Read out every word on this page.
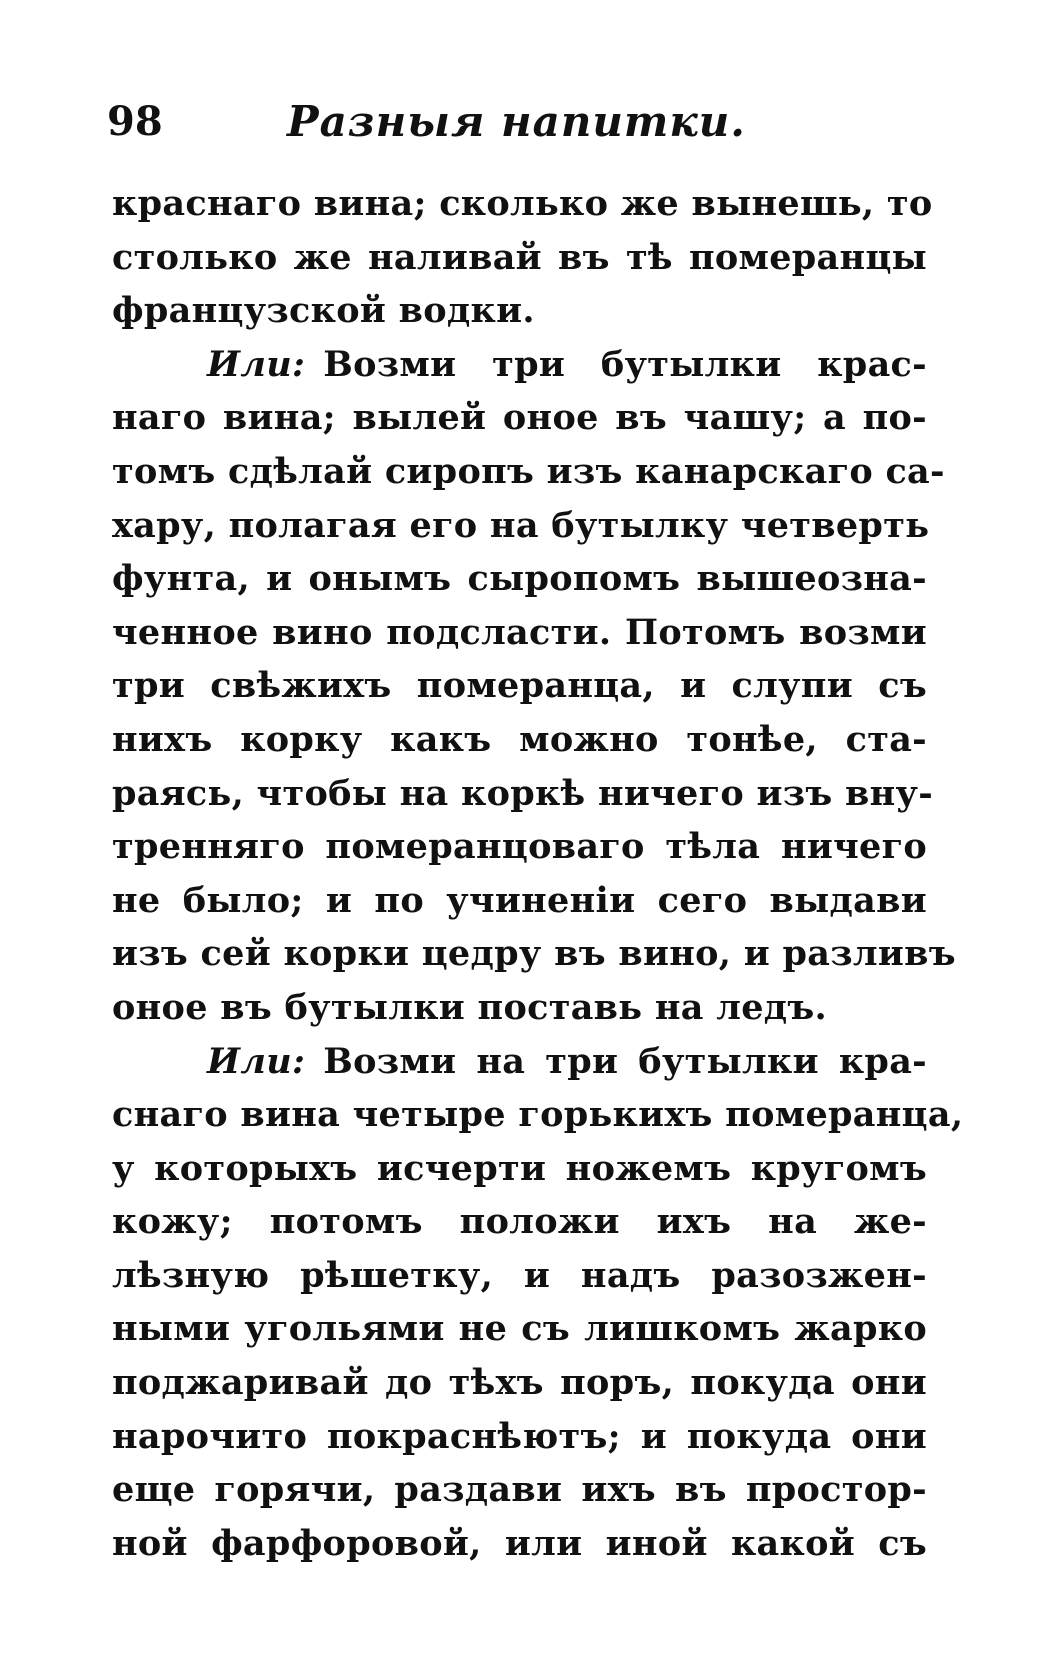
98	Разныя напитки.
краснаго вина; сколько же вынешь, то
столько же наливай въ тѣ померанцы
французской водки.
Или: Возми три бутылки крас-
наго вина; вылей оное въ чашу; а по-
томъ сдѣлай сиропъ изъ канарскаго са-
хару, полагая его на бутылку четверть
фунта, и онымъ сыропомъ вышеозна-
ченное вино подсласти. Потомъ возми
три свѣжихъ померанца, и слупи съ
нихъ корку какъ можно тонѣе, ста-
раясь, чтобы на коркѣ ничего изъ вну-
тренняго померанцоваго тѣла ничего
не было; и по учиненіи сего выдави
изъ сей корки цедру въ вино, и разливъ
оное въ бутылки поставь на ледъ.
Или: Возми на три бутылки кра-
снаго вина четыре горькихъ померанца,
у которыхъ исчерти ножемъ кругомъ
кожу; потомъ положи ихъ на же-
лѣзную рѣшетку, и надъ разозжен-
ными угольями не съ лишкомъ жарко
поджаривай до тѣхъ поръ, покуда они
нарочито покраснѣютъ; и покуда они
еще горячи, раздави ихъ въ простор-
ной фарфоровой, или иной какой съ
